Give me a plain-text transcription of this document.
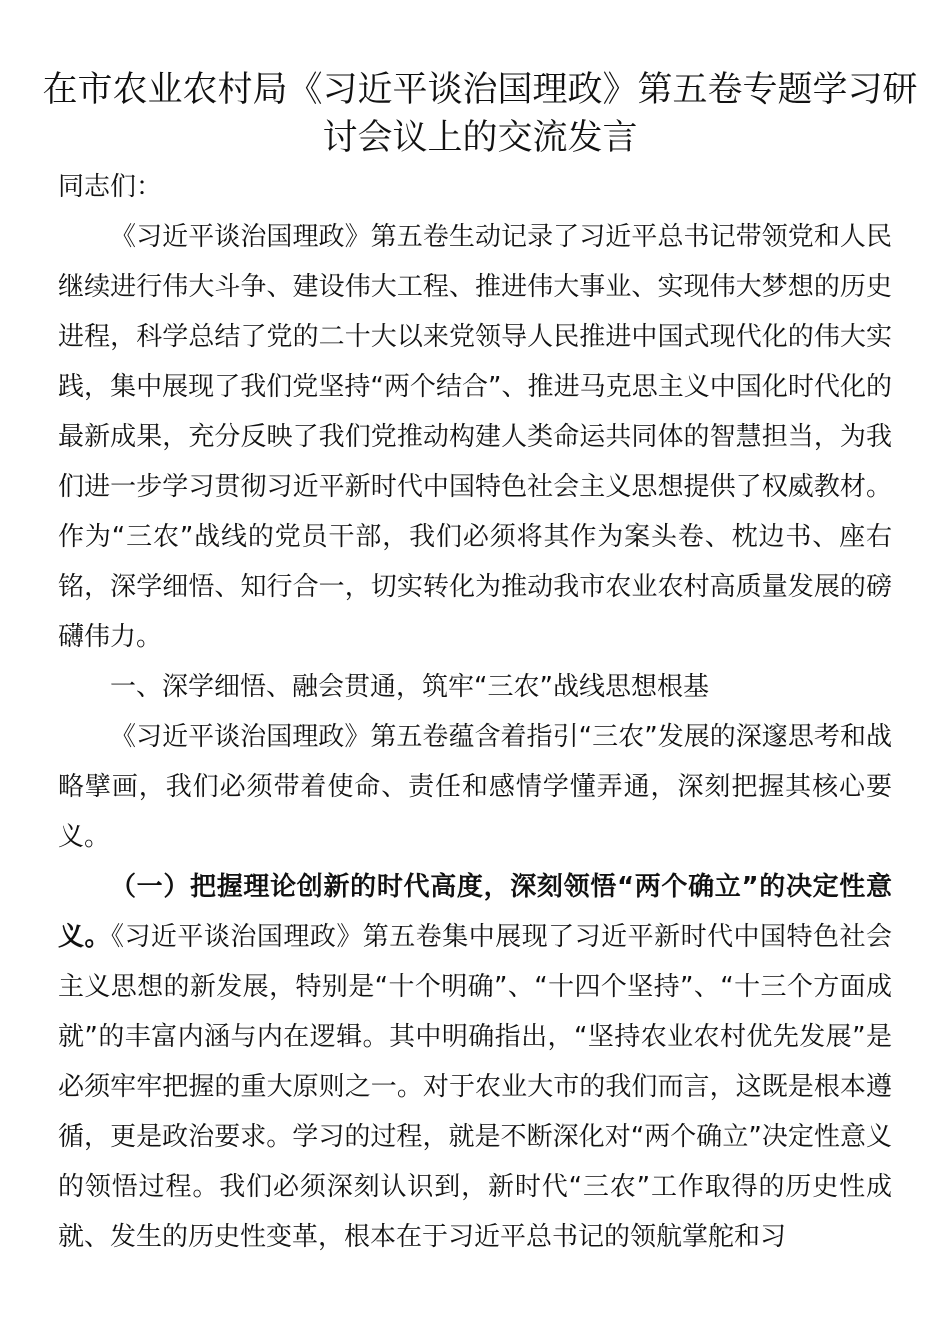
在市农业农村局《习近平谈治国理政》第五卷专题学习研讨会议上的交流发言

同志们：

《习近平谈治国理政》第五卷生动记录了习近平总书记带领党和人民继续进行伟大斗争、建设伟大工程、推进伟大事业、实现伟大梦想的历史进程，科学总结了党的二十大以来党领导人民推进中国式现代化的伟大实践，集中展现了我们党坚持“两个结合”、推进马克思主义中国化时代化的最新成果，充分反映了我们党推动构建人类命运共同体的智慧担当，为我们进一步学习贯彻习近平新时代中国特色社会主义思想提供了权威教材。作为“三农”战线的党员干部，我们必须将其作为案头卷、枕边书、座右铭，深学细悟、知行合一，切实转化为推动我市农业农村高质量发展的磅礴伟力。

一、深学细悟、融会贯通，筑牢“三农”战线思想根基

《习近平谈治国理政》第五卷蕴含着指引“三农”发展的深邃思考和战略擘画，我们必须带着使命、责任和感情学懂弄通，深刻把握其核心要义。

（一）把握理论创新的时代高度，深刻领悟“两个确立”的决定性意义。《习近平谈治国理政》第五卷集中展现了习近平新时代中国特色社会主义思想的新发展，特别是“十个明确”、“十四个坚持”、“十三个方面成就”的丰富内涵与内在逻辑。其中明确指出，“坚持农业农村优先发展”是必须牢牢把握的重大原则之一。对于农业大市的我们而言，这既是根本遵循，更是政治要求。学习的过程，就是不断深化对“两个确立”决定性意义的领悟过程。我们必须深刻认识到，新时代“三农”工作取得的历史性成就、发生的历史性变革，根本在于习近平总书记的领航掌舵和习
